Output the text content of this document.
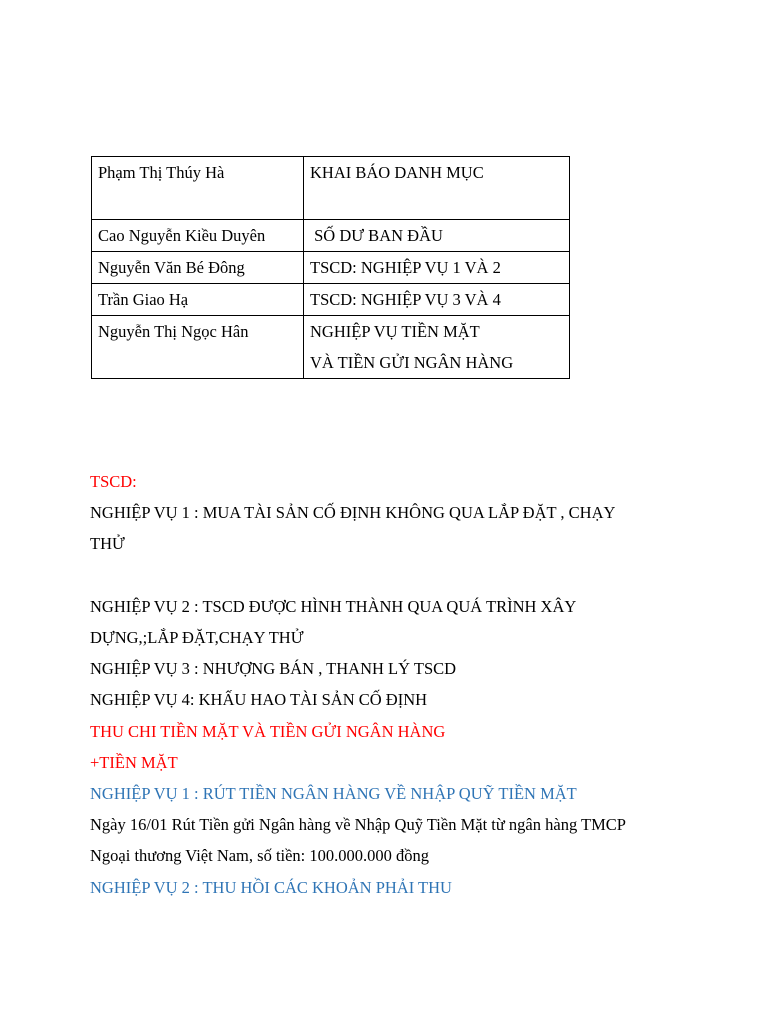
Phạm Thị Thúy Hà	KHAI BÁO DANH MỤC
Cao Nguyễn Kiều Duyên	SỐ DƯ BAN ĐẦU
Nguyễn Văn Bé Đông	TSCD: NGHIỆP VỤ 1 VÀ 2
Trần Giao Hạ	TSCD: NGHIỆP VỤ 3 VÀ 4
Nguyễn Thị Ngọc Hân	NGHIỆP VỤ TIỀN MẶT
VÀ TIỀN GỬI NGÂN HÀNG

TSCD:

NGHIỆP VỤ 1 : MUA TÀI SẢN CỐ ĐỊNH KHÔNG QUA LẮP ĐẶT , CHẠY

THỬ

NGHIỆP VỤ 2 : TSCD ĐƯỢC HÌNH THÀNH QUA QUÁ TRÌNH XÂY

DỰNG,;LẮP ĐẶT,CHẠY THỬ

NGHIỆP VỤ 3 : NHƯỢNG BÁN , THANH LÝ TSCD

NGHIỆP VỤ 4: KHẤU HAO TÀI SẢN CỐ ĐỊNH

THU CHI TIỀN MẶT VÀ TIỀN GỬI NGÂN HÀNG

+TIỀN MẶT

NGHIỆP VỤ 1 : RÚT TIỀN NGÂN HÀNG VỀ NHẬP QUỸ TIỀN MẶT

Ngày 16/01 Rút Tiền gửi Ngân hàng về Nhập Quỹ Tiền Mặt từ ngân hàng TMCP

Ngoại thương Việt Nam, số tiền: 100.000.000 đồng

NGHIỆP VỤ 2 : THU HỒI CÁC KHOẢN PHẢI THU
